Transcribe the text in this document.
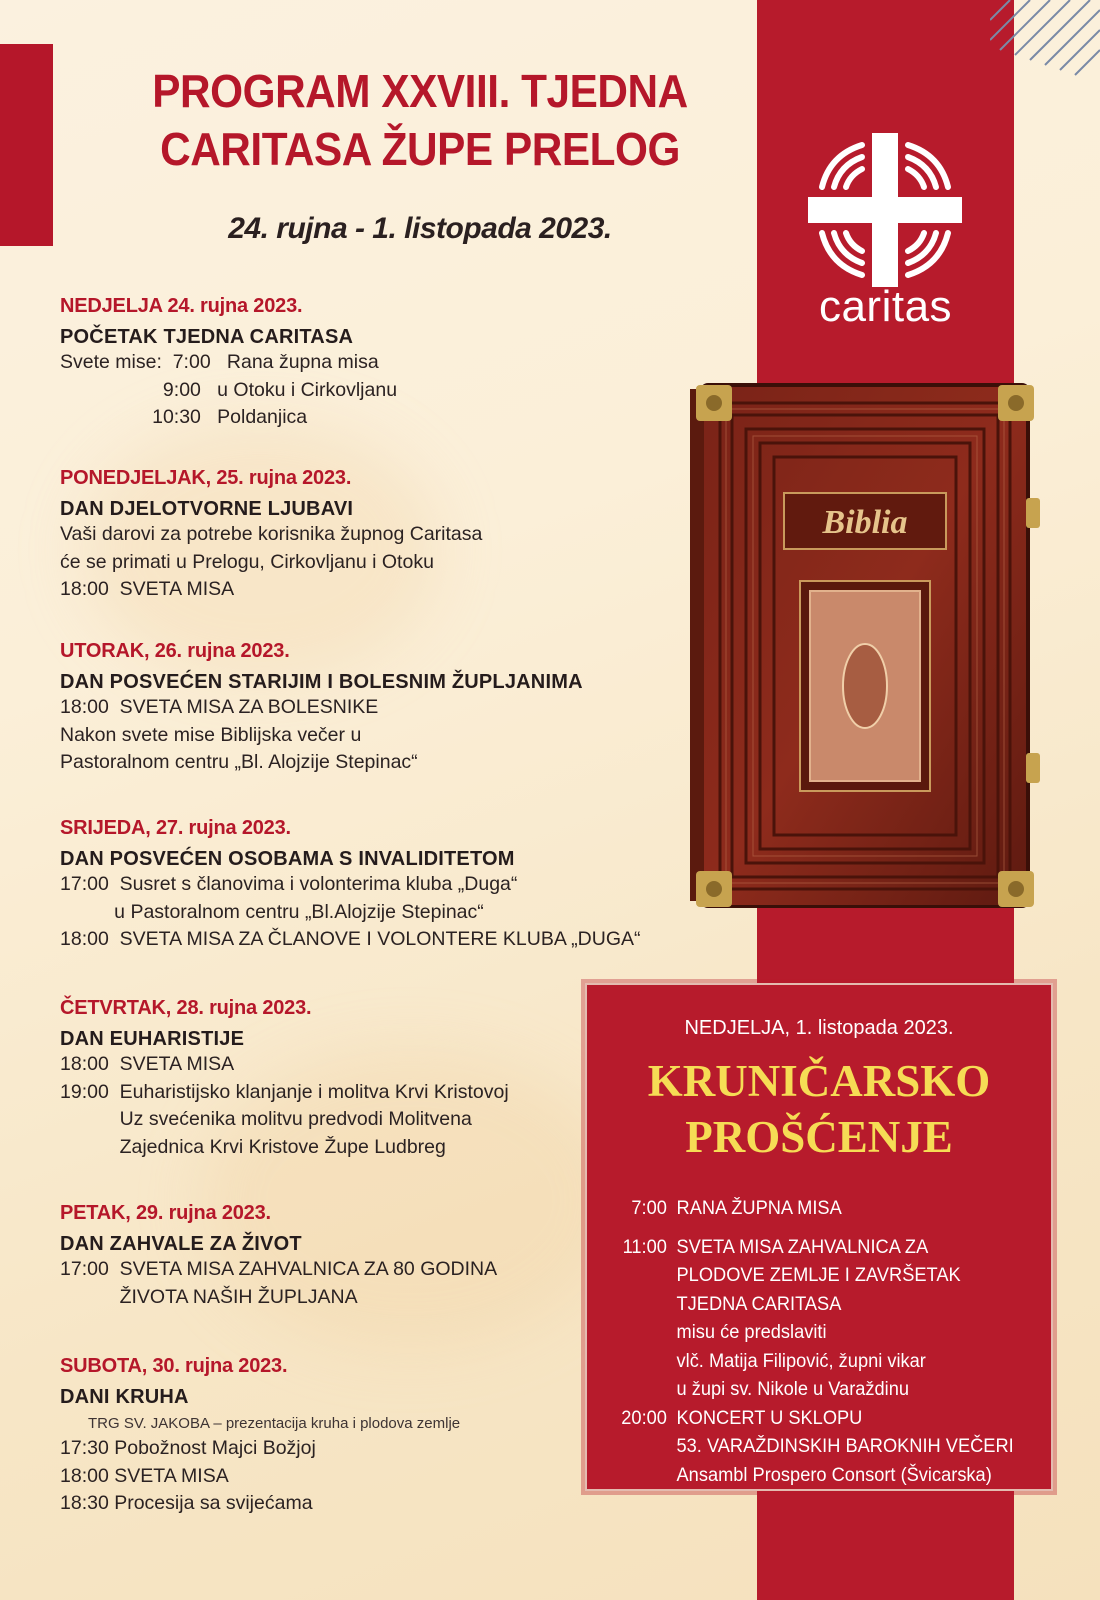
PROGRAM XXVIII. TJEDNA
CARITASA ŽUPE PRELOG
24. rujna - 1. listopada 2023.
caritas
Biblia
NEDJELJA 24. rujna 2023.
POČETAK TJEDNA CARITASA
Svete mise:  7:00   Rana župna misa
9:00   u Otoku i Cirkovljanu
10:30   Poldanjica
PONEDJELJAK, 25. rujna 2023.
DAN DJELOTVORNE LJUBAVI
Vaši darovi za potrebe korisnika župnog Caritasa
će se primati u Prelogu, Cirkovljanu i Otoku
18:00  SVETA MISA
UTORAK, 26. rujna 2023.
DAN POSVEĆEN STARIJIM I BOLESNIM ŽUPLJANIMA
18:00  SVETA MISA ZA BOLESNIKE
Nakon svete mise Biblijska večer u
Pastoralnom centru „Bl. Alojzije Stepinac“
SRIJEDA, 27. rujna 2023.
DAN POSVEĆEN OSOBAMA S INVALIDITETOM
17:00  Susret s članovima i volonterima kluba „Duga“
u Pastoralnom centru „Bl.Alojzije Stepinac“
18:00  SVETA MISA ZA ČLANOVE I VOLONTERE KLUBA „DUGA“
ČETVRTAK, 28. rujna 2023.
DAN EUHARISTIJE
18:00  SVETA MISA
19:00  Euharistijsko klanjanje i molitva Krvi Kristovoj
Uz svećenika molitvu predvodi Molitvena
Zajednica Krvi Kristove Župe Ludbreg
PETAK, 29. rujna 2023.
DAN ZAHVALE ZA ŽIVOT
17:00  SVETA MISA ZAHVALNICA ZA 80 GODINA
ŽIVOTA NAŠIH ŽUPLJANA
SUBOTA, 30. rujna 2023.
DANI KRUHA
TRG SV. JAKOBA – prezentacija kruha i plodova zemlje
17:30 Pobožnost Majci Božjoj
18:00 SVETA MISA
18:30 Procesija sa svijećama
NEDJELJA, 1. listopada 2023.
KRUNIČARSKO
PROŠĆENJE
7:00 RANA ŽUPNA MISA
11:00 SVETA MISA ZAHVALNICA ZA
PLODOVE ZEMLJE I ZAVRŠETAK
TJEDNA CARITASA
misu će predslaviti
vlč. Matija Filipović, župni vikar
u župi sv. Nikole u Varaždinu
20:00 KONCERT U SKLOPU
53. VARAŽDINSKIH BAROKNIH VEČERI
Ansambl Prospero Consort (Švicarska)
